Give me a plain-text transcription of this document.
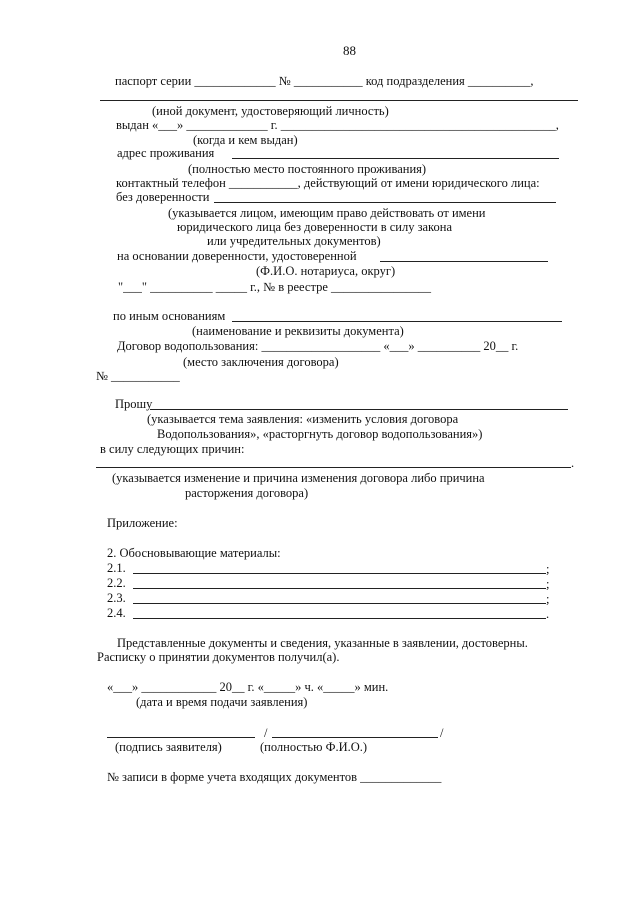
88
паспорт серии _____________ № ___________ код подразделения __________,
(иной документ, удостоверяющий личность)
выдан «___» _____________ г. ____________________________________________,
(когда и кем выдан)
адрес проживания
(полностью место постоянного проживания)
контактный телефон ___________, действующий от имени юридического лица:
без доверенности
(указывается лицом, имеющим право действовать от имени
юридического лица без доверенности в силу закона
или учредительных документов)
на основании доверенности, удостоверенной
(Ф.И.О. нотариуса, округ)
"___" __________ _____ г., № в реестре ________________
по иным основаниям
(наименование и реквизиты документа)
Договор водопользования: ___________________ «___» __________ 20__ г.
(место заключения договора)
№ ___________
Прошу
(указывается тема заявления: «изменить условия договора
Водопользования», «расторгнуть договор водопользования»)
в силу следующих причин:
.
(указывается изменение и причина изменения договора либо причина
расторжения договора)
Приложение:
2. Обосновывающие материалы:
2.1.	;
2.2.	;
2.3.	;
2.4.	.
Представленные документы и сведения, указанные в заявлении, достоверны.
Расписку о принятии документов получил(а).
«___» ____________ 20__ г. «_____» ч. «_____» мин.
(дата и время подачи заявления)
/	/
(подпись заявителя)	(полностью Ф.И.О.)
№ записи в форме учета входящих документов _____________
